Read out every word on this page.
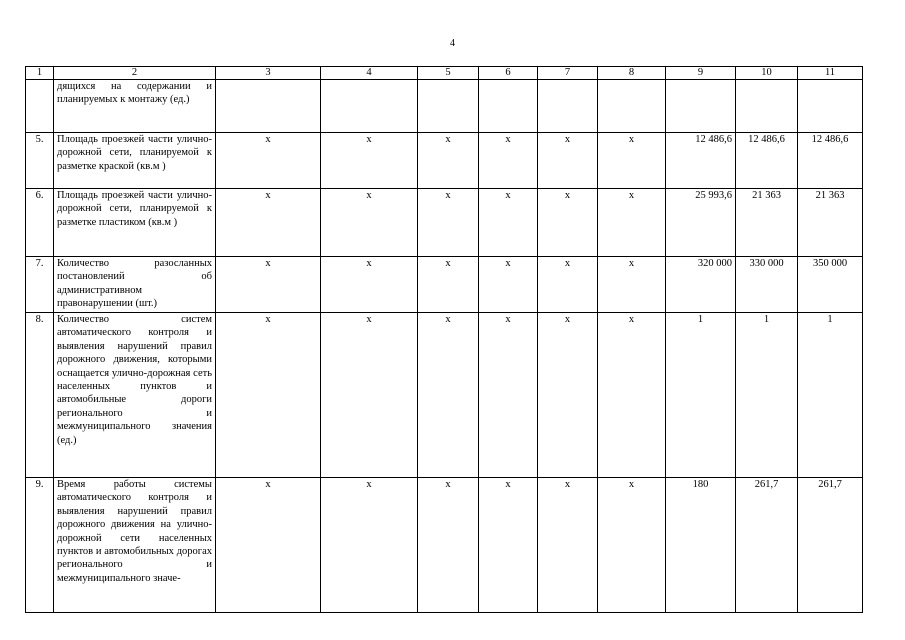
4
1	2	3	4	5	6	7	8	9	10	11
	дящихся на содержании и планируемых к монтажу (ед.)									
5.	Площадь проезжей части улично-дорожной сети, планируемой к разметке краской (кв.м )	х	х	х	х	х	х	12 486,6	12 486,6	12 486,6
6.	Площадь проезжей части улично-дорожной сети, планируемой к разметке пластиком (кв.м )	х	х	х	х	х	х	25 993,6	21 363	21 363
7.	Количество разосланных постановлений об административном правонарушении (шт.)	х	х	х	х	х	х	320 000	330 000	350 000
8.	Количество систем автоматического контроля и выявления нарушений правил дорожного движения, которыми оснащается улично-дорожная сеть населенных пунктов и автомобильные дороги регионального и межмуниципального значения (ед.)	х	х	х	х	х	х	1	1	1
9.	Время работы системы автоматического контроля и выявления нарушений правил дорожного движения на улично-дорожной сети населенных пунктов и автомобильных дорогах регионального и межмуниципального значе-	х	х	х	х	х	х	180	261,7	261,7
